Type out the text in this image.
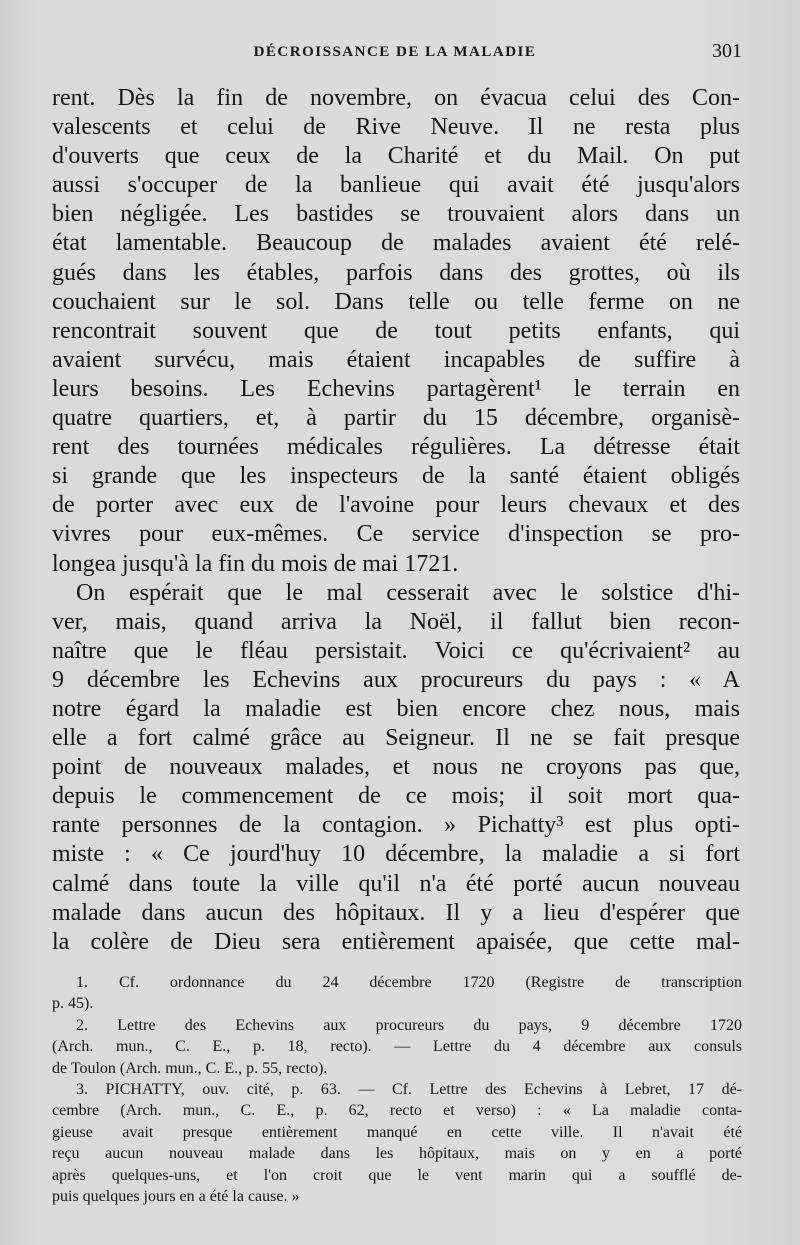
DÉCROISSANCE DE LA MALADIE	301
rent. Dès la fin de novembre, on évacua celui des Con-
valescents et celui de Rive Neuve. Il ne resta plus
d'ouverts que ceux de la Charité et du Mail. On put
aussi s'occuper de la banlieue qui avait été jusqu'alors
bien négligée. Les bastides se trouvaient alors dans un
état lamentable. Beaucoup de malades avaient été relé-
gués dans les étables, parfois dans des grottes, où ils
couchaient sur le sol. Dans telle ou telle ferme on ne
rencontrait souvent que de tout petits enfants, qui
avaient survécu, mais étaient incapables de suffire à
leurs besoins. Les Echevins partagèrent¹ le terrain en
quatre quartiers, et, à partir du 15 décembre, organisè-
rent des tournées médicales régulières. La détresse était
si grande que les inspecteurs de la santé étaient obligés
de porter avec eux de l'avoine pour leurs chevaux et des
vivres pour eux-mêmes. Ce service d'inspection se pro-
longea jusqu'à la fin du mois de mai 1721.
On espérait que le mal cesserait avec le solstice d'hi-
ver, mais, quand arriva la Noël, il fallut bien recon-
naître que le fléau persistait. Voici ce qu'écrivaient² au
9 décembre les Echevins aux procureurs du pays : « A
notre égard la maladie est bien encore chez nous, mais
elle a fort calmé grâce au Seigneur. Il ne se fait presque
point de nouveaux malades, et nous ne croyons pas que,
depuis le commencement de ce mois; il soit mort qua-
rante personnes de la contagion. » Pichatty³ est plus opti-
miste : « Ce jourd'huy 10 décembre, la maladie a si fort
calmé dans toute la ville qu'il n'a été porté aucun nouveau
malade dans aucun des hôpitaux. Il y a lieu d'espérer que
la colère de Dieu sera entièrement apaisée, que cette mal-
1. Cf. ordonnance du 24 décembre 1720 (Registre de transcription
p. 45).
2. Lettre des Echevins aux procureurs du pays, 9 décembre 1720
(Arch. mun., C. E., p. 18, recto). — Lettre du 4 décembre aux consuls
de Toulon (Arch. mun., C. E., p. 55, recto).
3. PICHATTY, ouv. cité, p. 63. — Cf. Lettre des Echevins à Lebret, 17 dé-
cembre (Arch. mun., C. E., p. 62, recto et verso) : « La maladie conta-
gieuse avait presque entièrement manqué en cette ville. Il n'avait été
reçu aucun nouveau malade dans les hôpitaux, mais on y en a porté
après quelques-uns, et l'on croit que le vent marin qui a soufflé de-
puis quelques jours en a été la cause. »
